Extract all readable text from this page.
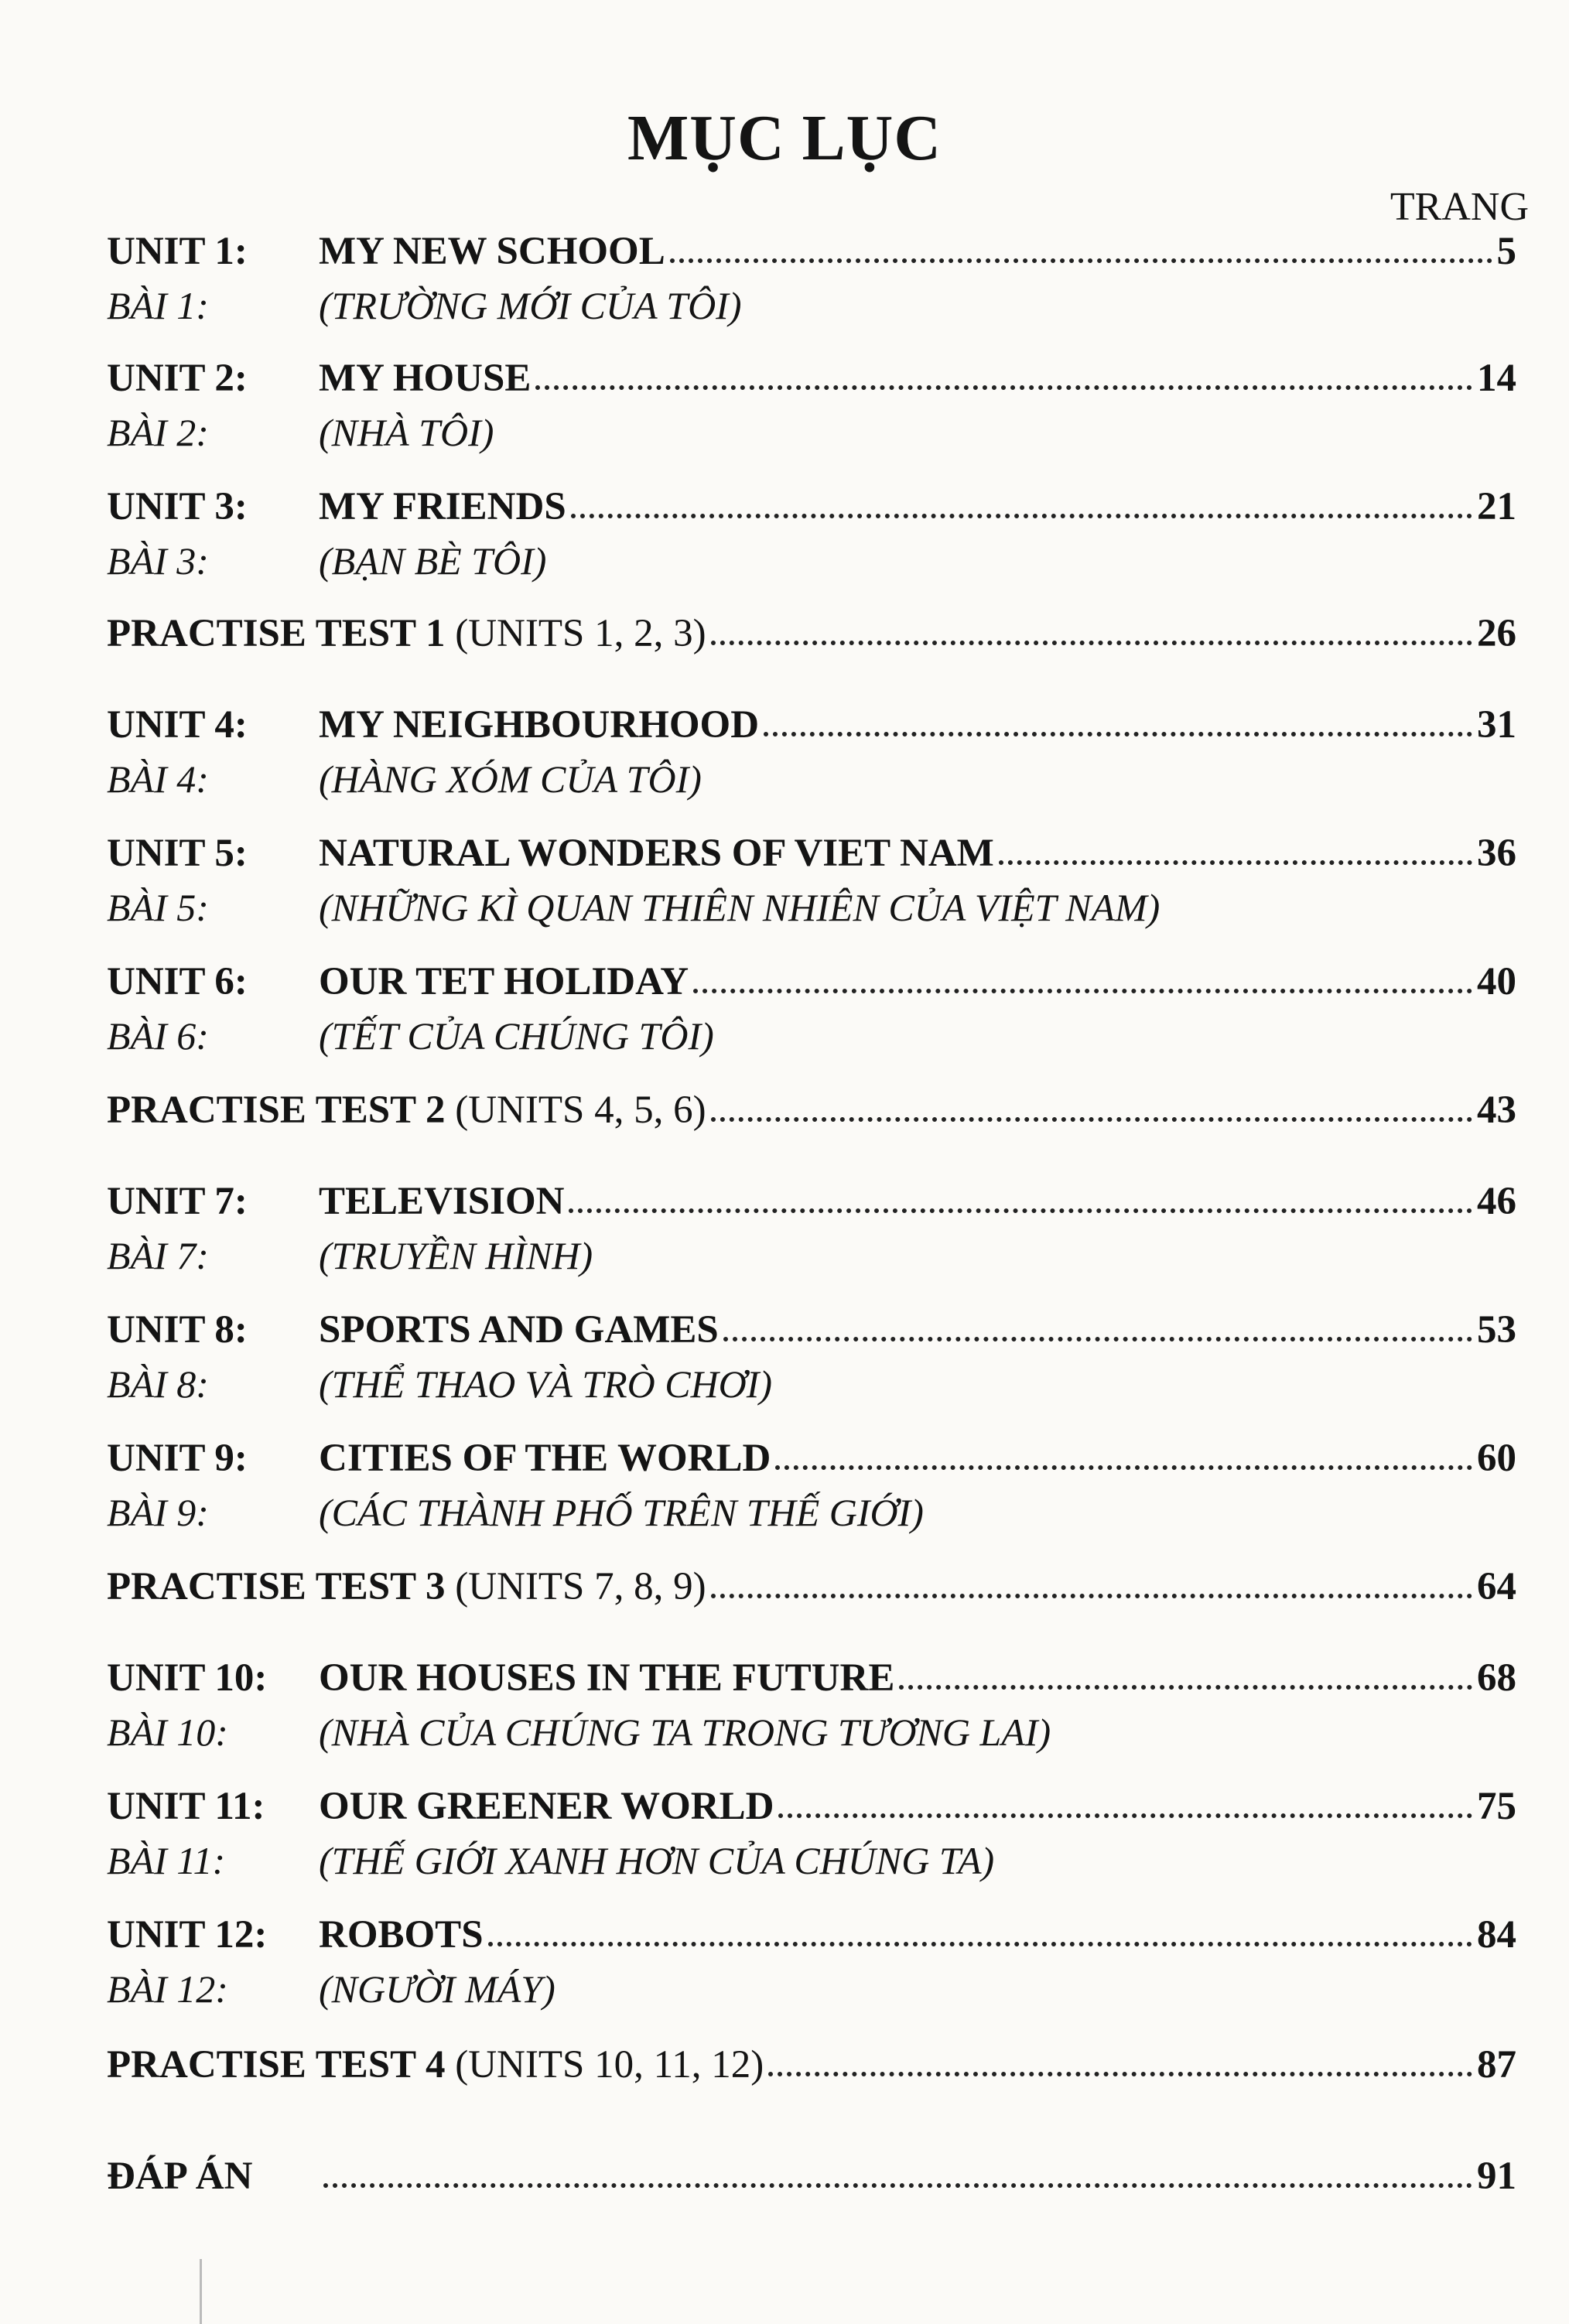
MỤC LỤC
TRANG
UNIT 1: MY NEW SCHOOL	5
BÀI 1:	(TRƯỜNG MỚI CỦA TÔI)
UNIT 2: MY HOUSE	14
BÀI 2:	(NHÀ TÔI)
UNIT 3: MY FRIENDS	21
BÀI 3:	(BẠN BÈ TÔI)
PRACTISE TEST 1 (UNITS 1, 2, 3)	26
UNIT 4: MY NEIGHBOURHOOD	31
BÀI 4:	(HÀNG XÓM CỦA TÔI)
UNIT 5: NATURAL WONDERS OF VIET NAM	36
BÀI 5:	(NHỮNG KÌ QUAN THIÊN NHIÊN CỦA VIỆT NAM)
UNIT 6: OUR TET HOLIDAY	40
BÀI 6:	(TẾT CỦA CHÚNG TÔI)
PRACTISE TEST 2 (UNITS 4, 5, 6)	43
UNIT 7: TELEVISION	46
BÀI 7:	(TRUYỀN HÌNH)
UNIT 8: SPORTS AND GAMES	53
BÀI 8:	(THỂ THAO VÀ TRÒ CHƠI)
UNIT 9: CITIES OF THE WORLD	60
BÀI 9:	(CÁC THÀNH PHỐ TRÊN THẾ GIỚI)
PRACTISE TEST 3 (UNITS 7, 8, 9)	64
UNIT 10: OUR HOUSES IN THE FUTURE	68
BÀI 10: (NHÀ CỦA CHÚNG TA TRONG TƯƠNG LAI)
UNIT 11: OUR GREENER WORLD	75
BÀI 11: (THẾ GIỚI XANH HƠN CỦA CHÚNG TA)
UNIT 12: ROBOTS	84
BÀI 12: (NGƯỜI MÁY)
PRACTISE TEST 4 (UNITS 10, 11, 12)	87
ĐÁP ÁN	91
